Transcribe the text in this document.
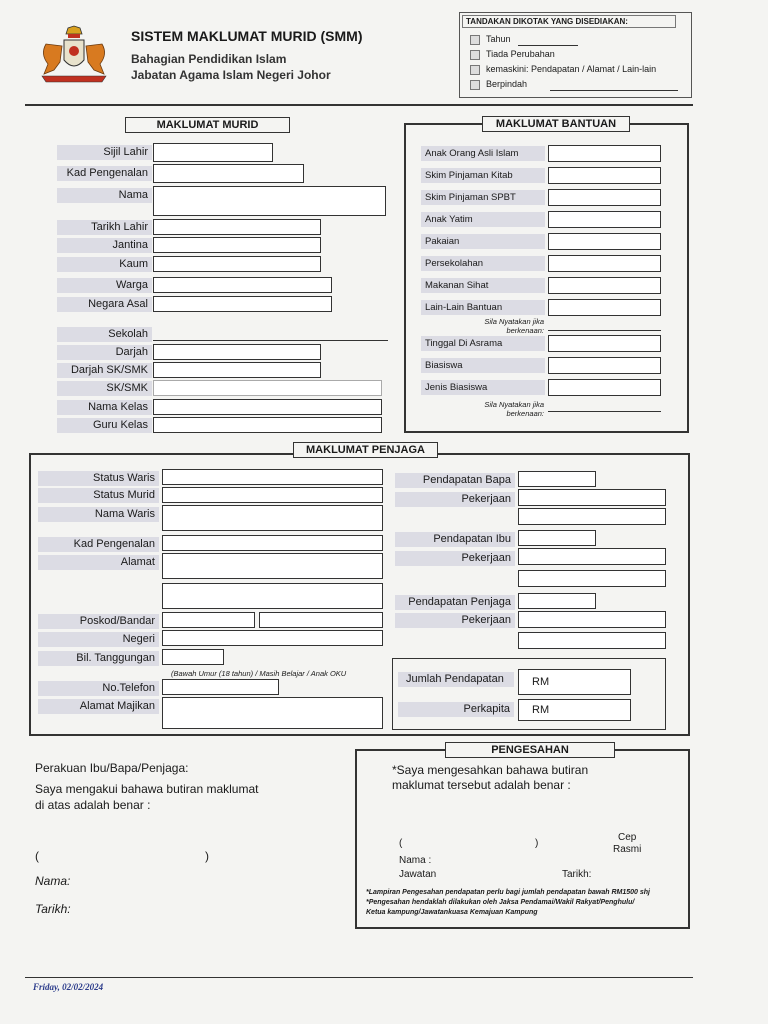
SISTEM MAKLUMAT MURID (SMM)
Bahagian Pendidikan Islam
Jabatan Agama Islam Negeri Johor
TANDAKAN DIKOTAK YANG DISEDIAKAN:
Tahun
Tiada Perubahan
kemaskini: Pendapatan / Alamat / Lain-lain
Berpindah
MAKLUMAT MURID
Sijil Lahir
Kad Pengenalan
Nama
Tarikh Lahir
Jantina
Kaum
Warga
Negara Asal
Sekolah
Darjah
Darjah SK/SMK
SK/SMK
Nama Kelas
Guru Kelas
MAKLUMAT BANTUAN
Anak Orang Asli Islam
Skim Pinjaman Kitab
Skim Pinjaman SPBT
Anak Yatim
Pakaian
Persekolahan
Makanan Sihat
Lain-Lain Bantuan
Sila Nyatakan jika
berkenaan:
Tinggal Di Asrama
Biasiswa
Jenis Biasiswa
Sila Nyatakan jika
berkenaan:
MAKLUMAT PENJAGA
Status Waris
Status Murid
Nama Waris
Kad Pengenalan
Alamat
Poskod/Bandar
Negeri
Bil. Tanggungan
(Bawah Umur (18 tahun) / Masih Belajar / Anak OKU
No.Telefon
Alamat Majikan
Pendapatan Bapa
Pekerjaan
Pendapatan Ibu
Pekerjaan
Pendapatan Penjaga
Pekerjaan
Jumlah Pendapatan	RM
Perkapita	RM
Perakuan Ibu/Bapa/Penjaga:
Saya mengakui bahawa butiran maklumat
di atas adalah benar :
(	)
Nama:
Tarikh:
PENGESAHAN
*Saya mengesahkan bahawa butiran
maklumat tersebut adalah benar :
(	)
Cep
Rasmi
Nama :
Jawatan	Tarikh:
*Lampiran Pengesahan pendapatan perlu bagi jumlah pendapatan bawah RM1500 shj
*Pengesahan hendaklah dilakukan oleh Jaksa Pendamai/Wakil Rakyat/Penghulu/
Ketua kampung/Jawatankuasa Kemajuan Kampung
Friday, 02/02/2024
